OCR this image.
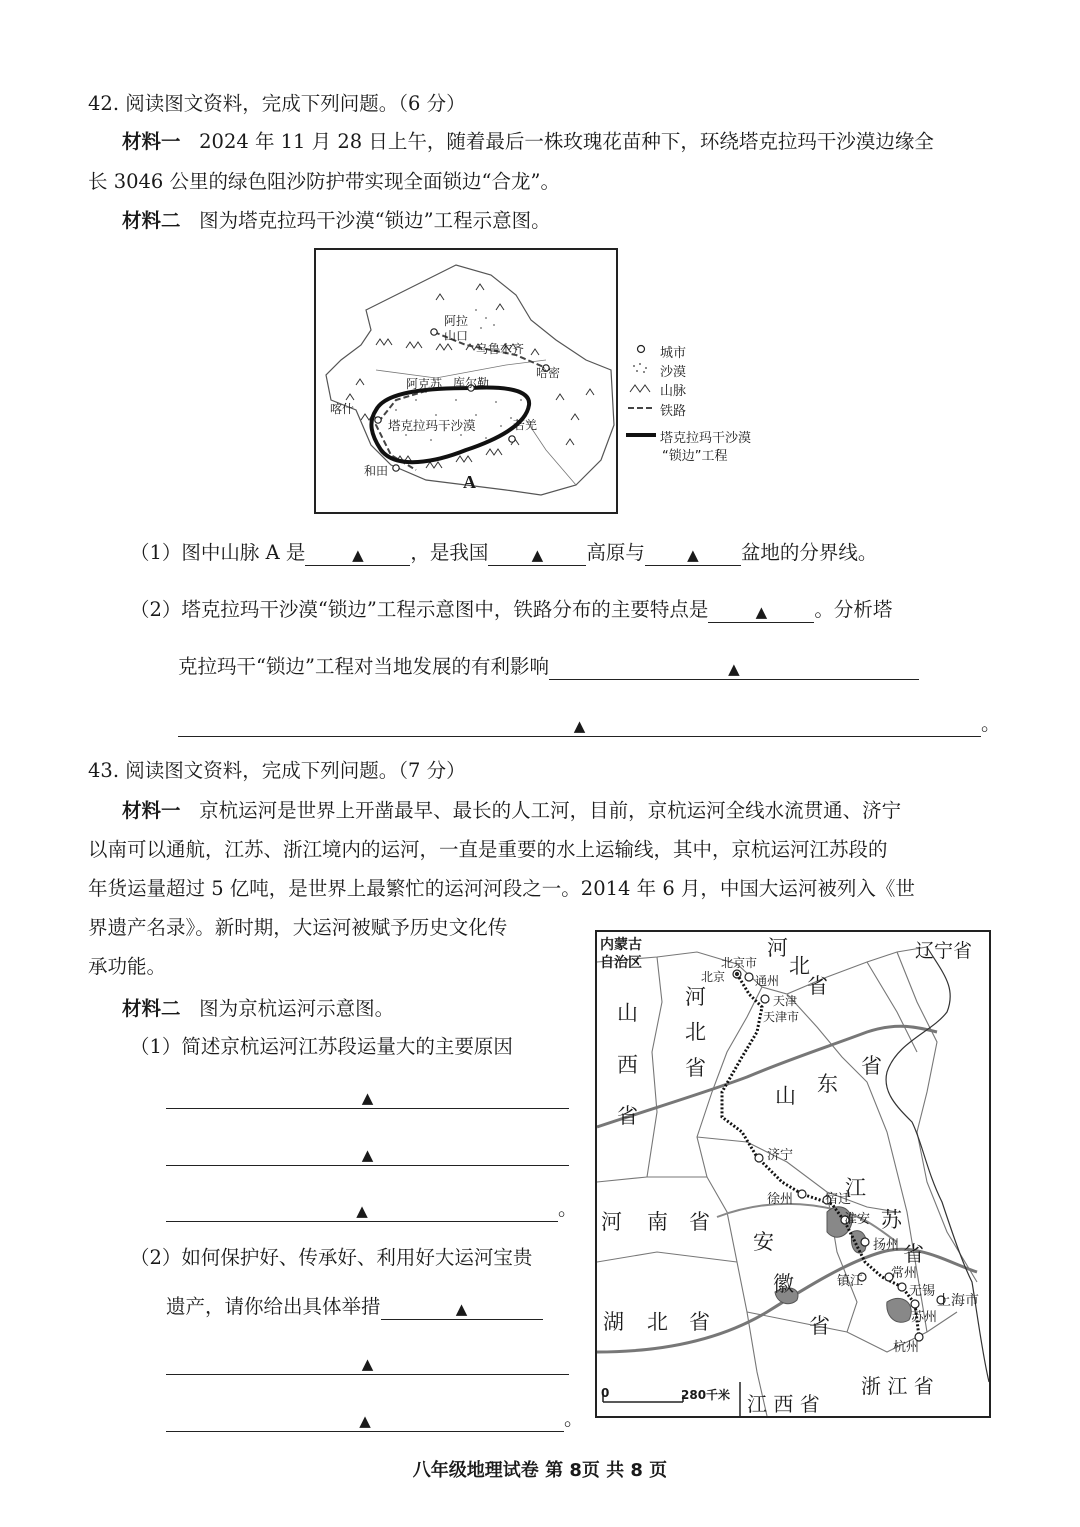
42. 阅读图文资料，完成下列问题。（6 分）
材料一 2024 年 11 月 28 日上午，随着最后一株玫瑰花苗种下，环绕塔克拉玛干沙漠边缘全
长 3046 公里的绿色阻沙防护带实现全面锁边“合龙”。
材料二 图为塔克拉玛干沙漠“锁边”工程示意图。
阿拉
山口
乌鲁木齐
哈密
阿克苏 库尔勒
喀什
塔克拉玛干沙漠	若羌
和田
A
城市
沙漠
山脉
铁路
塔克拉玛干沙漠
“锁边”工程
（1）图中山脉 A 是	▲ ，是我国	▲ 高原与	▲ 盆地的分界线。
（2）塔克拉玛干沙漠“锁边”工程示意图中，铁路分布的主要特点是	▲ 。分析塔
克拉玛干“锁边”工程对当地发展的有利影响	▲
▲	。
43. 阅读图文资料，完成下列问题。（7 分）
材料一 京杭运河是世界上开凿最早、最长的人工河，目前，京杭运河全线水流贯通、济宁
以南可以通航，江苏、浙江境内的运河，一直是重要的水上运输线，其中，京杭运河江苏段的
年货运量超过 5 亿吨，是世界上最繁忙的运河河段之一。2014 年 6 月，中国大运河被列入《世
界遗产名录》。新时期，大运河被赋予历史文化传
承功能。
材料二 图为京杭运河示意图。
（1）简述京杭运河江苏段运量大的主要原因
▲
▲
▲	。
（2）如何保护好、传承好、利用好大运河宝贵
遗产，请你给出具体举措	▲
▲
▲	。
内蒙古
自治区
河
北
省
辽宁省
北京市
北京 通州
天津
天津市
山
西
省
河
北
省
山 东
省
济宁
徐州 宿迁
淮安
江
苏
省
扬州
河 南 省
安
徽
省
镇江
常州
无锡
苏州
上海市
杭州
湖 北 省
浙 江 省
江 西 省
0	280千米
八年级地理试卷 第 8页 共 8 页
